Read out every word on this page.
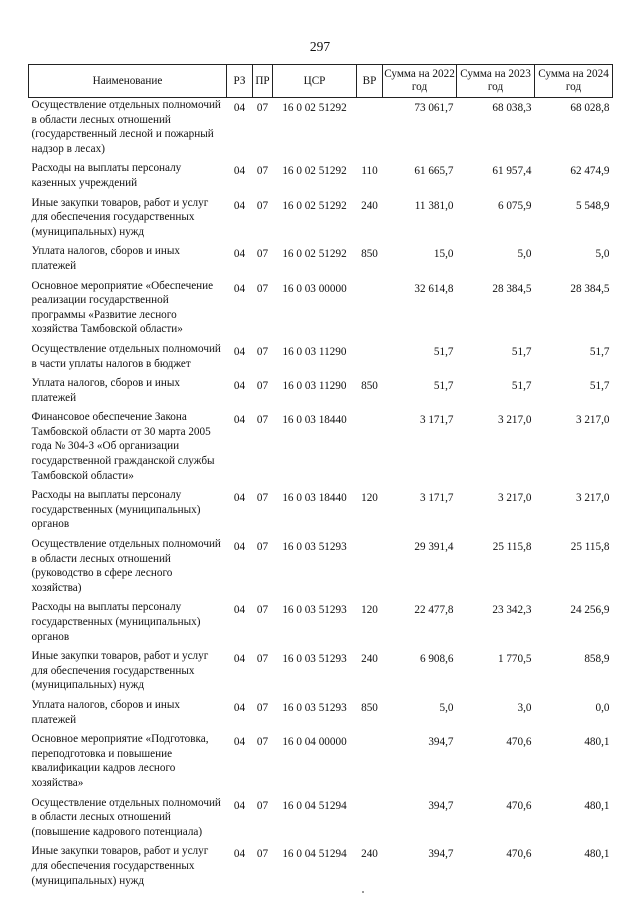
297
Наименование	РЗ	ПР	ЦСР	ВР	Сумма на 2022 год	Сумма на 2023 год	Сумма на 2024 год
Осуществление отдельных полномочий в области лесных отношений (государственный лесной и пожарный надзор в лесах)	04	07	16 0 02 51292		73 061,7	68 038,3	68 028,8
Расходы на выплаты персоналу казенных учреждений	04	07	16 0 02 51292	110	61 665,7	61 957,4	62 474,9
Иные закупки товаров, работ и услуг для обеспечения государственных (муниципальных) нужд	04	07	16 0 02 51292	240	11 381,0	6 075,9	5 548,9
Уплата налогов, сборов и иных платежей	04	07	16 0 02 51292	850	15,0	5,0	5,0
Основное мероприятие «Обеспечение реализации государственной программы «Развитие лесного хозяйства Тамбовской области»	04	07	16 0 03 00000		32 614,8	28 384,5	28 384,5
Осуществление отдельных полномочий в части уплаты налогов в бюджет	04	07	16 0 03 11290		51,7	51,7	51,7
Уплата налогов, сборов и иных платежей	04	07	16 0 03 11290	850	51,7	51,7	51,7
Финансовое обеспечение Закона Тамбовской области от 30 марта 2005 года № 304-З «Об организации государственной гражданской службы Тамбовской области»	04	07	16 0 03 18440		3 171,7	3 217,0	3 217,0
Расходы на выплаты персоналу государственных (муниципальных) органов	04	07	16 0 03 18440	120	3 171,7	3 217,0	3 217,0
Осуществление отдельных полномочий в области лесных отношений (руководство в сфере лесного хозяйства)	04	07	16 0 03 51293		29 391,4	25 115,8	25 115,8
Расходы на выплаты персоналу государственных (муниципальных) органов	04	07	16 0 03 51293	120	22 477,8	23 342,3	24 256,9
Иные закупки товаров, работ и услуг для обеспечения государственных (муниципальных) нужд	04	07	16 0 03 51293	240	6 908,6	1 770,5	858,9
Уплата налогов, сборов и иных платежей	04	07	16 0 03 51293	850	5,0	3,0	0,0
Основное мероприятие «Подготовка, переподготовка и повышение квалификации кадров лесного хозяйства»	04	07	16 0 04 00000		394,7	470,6	480,1
Осуществление отдельных полномочий в области лесных отношений (повышение кадрового потенциала)	04	07	16 0 04 51294		394,7	470,6	480,1
Иные закупки товаров, работ и услуг для обеспечения государственных (муниципальных) нужд	04	07	16 0 04 51294	240	394,7	470,6	480,1
